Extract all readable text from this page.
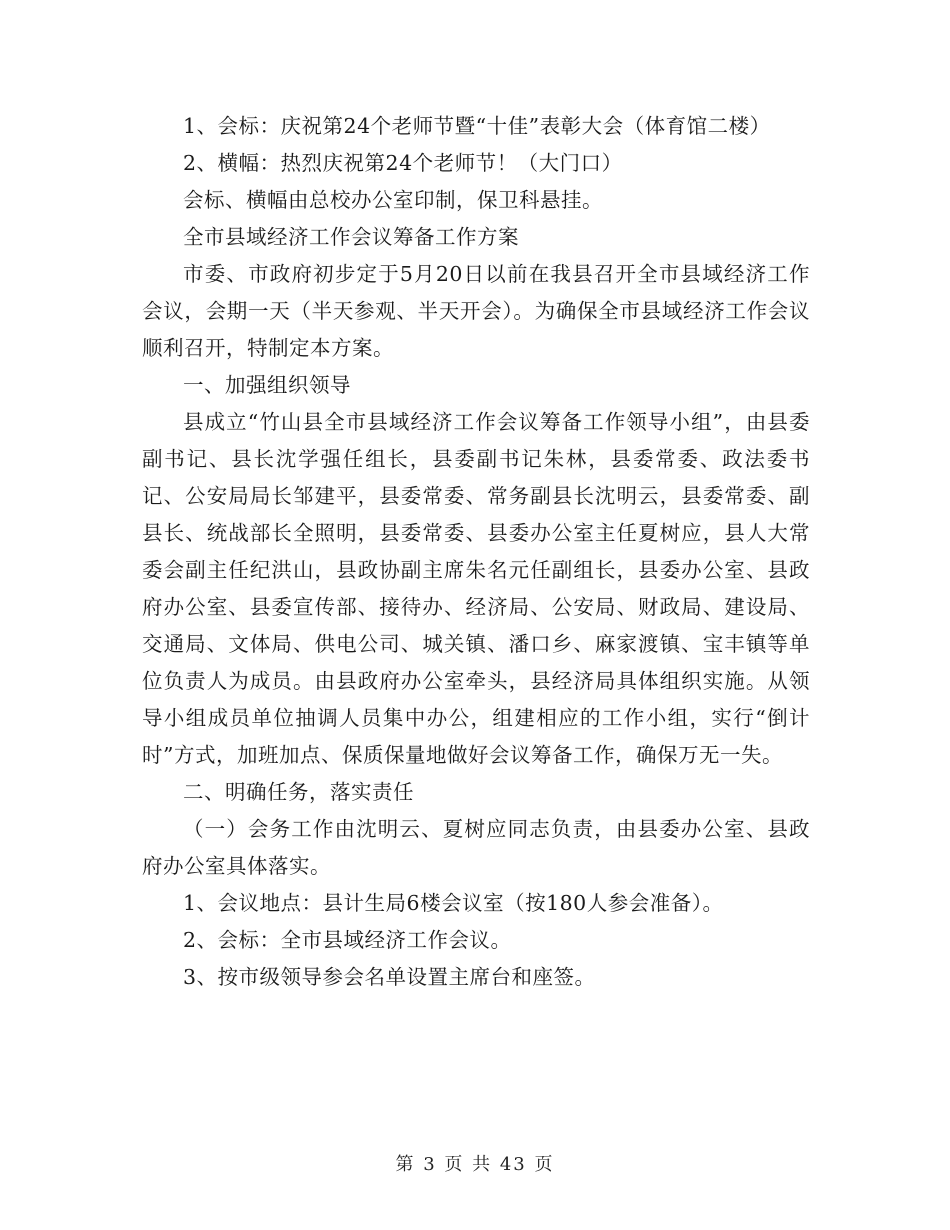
1、会标：庆祝第24个老师节暨“十佳”表彰大会（体育馆二楼）

2、横幅：热烈庆祝第24个老师节！（大门口）

会标、横幅由总校办公室印制，保卫科悬挂。

全市县域经济工作会议筹备工作方案

市委、市政府初步定于5月20日以前在我县召开全市县域经济工作会议，会期一天（半天参观、半天开会）。为确保全市县域经济工作会议顺利召开，特制定本方案。

一、加强组织领导

县成立“竹山县全市县域经济工作会议筹备工作领导小组”，由县委副书记、县长沈学强任组长，县委副书记朱林，县委常委、政法委书记、公安局局长邹建平，县委常委、常务副县长沈明云，县委常委、副县长、统战部长全照明，县委常委、县委办公室主任夏树应，县人大常委会副主任纪洪山，县政协副主席朱名元任副组长，县委办公室、县政府办公室、县委宣传部、接待办、经济局、公安局、财政局、建设局、交通局、文体局、供电公司、城关镇、潘口乡、麻家渡镇、宝丰镇等单位负责人为成员。由县政府办公室牵头，县经济局具体组织实施。从领导小组成员单位抽调人员集中办公，组建相应的工作小组，实行“倒计时”方式，加班加点、保质保量地做好会议筹备工作，确保万无一失。

二、明确任务，落实责任

（一）会务工作由沈明云、夏树应同志负责，由县委办公室、县政府办公室具体落实。

1、会议地点：县计生局6楼会议室（按180人参会准备）。

2、会标：全市县域经济工作会议。

3、按市级领导参会名单设置主席台和座签。

第 3 页 共 43 页
